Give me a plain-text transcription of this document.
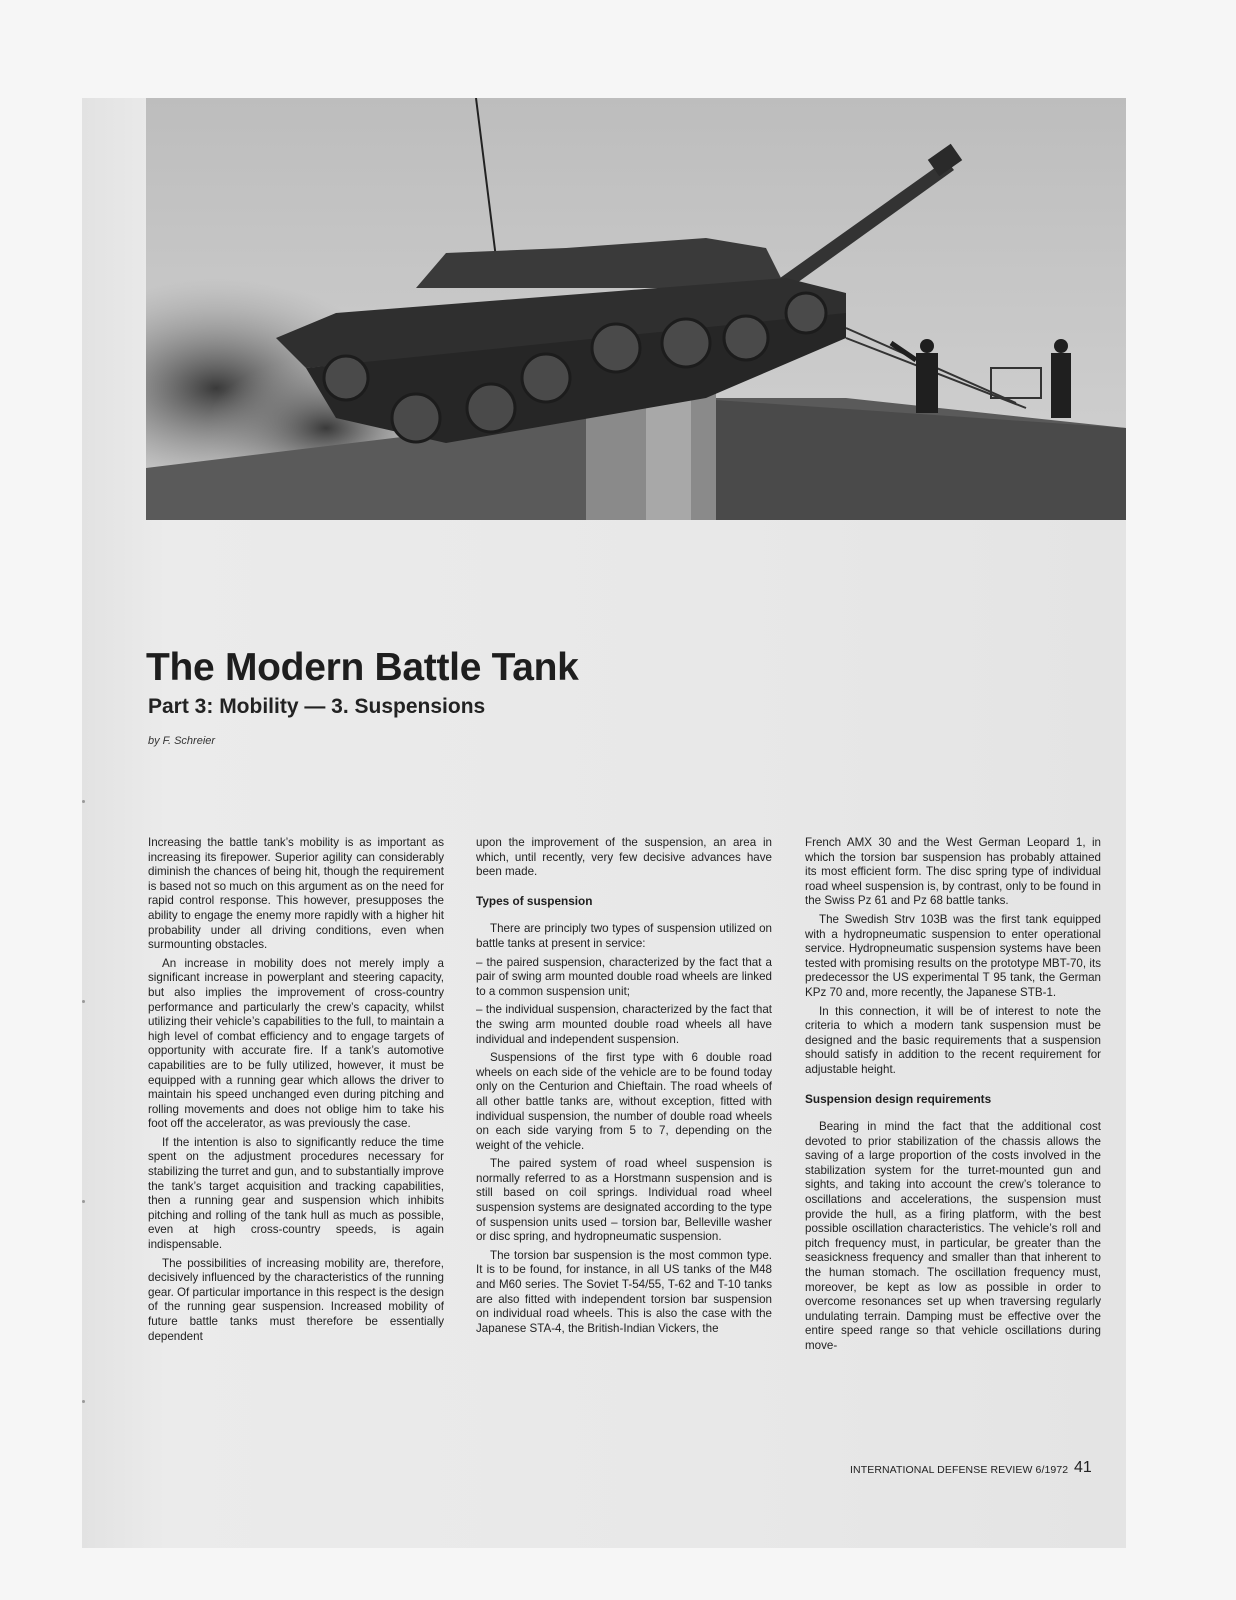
The Modern Battle Tank
Part 3: Mobility — 3. Suspensions
by F. Schreier

Increasing the battle tank’s mobility is as important as increasing its firepower. Superior agility can considerably diminish the chances of being hit, though the requirement is based not so much on this argument as on the need for rapid control response. This however, presupposes the ability to engage the enemy more rapidly with a higher hit probability under all driving conditions, even when surmounting obstacles.

An increase in mobility does not merely imply a significant increase in powerplant and steering capacity, but also implies the improvement of cross-country performance and particularly the crew’s capacity, whilst utilizing their vehicle’s capabilities to the full, to maintain a high level of combat efficiency and to engage targets of opportunity with accurate fire. If a tank’s automotive capabilities are to be fully utilized, however, it must be equipped with a running gear which allows the driver to maintain his speed unchanged even during pitching and rolling movements and does not oblige him to take his foot off the accelerator, as was previously the case.

If the intention is also to significantly reduce the time spent on the adjustment procedures necessary for stabilizing the turret and gun, and to substantially improve the tank’s target acquisition and tracking capabilities, then a running gear and suspension which inhibits pitching and rolling of the tank hull as much as possible, even at high cross-country speeds, is again indispensable.

The possibilities of increasing mobility are, therefore, decisively influenced by the characteristics of the running gear. Of particular importance in this respect is the design of the running gear suspension. Increased mobility of future battle tanks must therefore be essentially dependent

upon the improvement of the suspension, an area in which, until recently, very few decisive advances have been made.

Types of suspension

There are principly two types of suspension utilized on battle tanks at present in service:

– the paired suspension, characterized by the fact that a pair of swing arm mounted double road wheels are linked to a common suspension unit;

– the individual suspension, characterized by the fact that the swing arm mounted double road wheels all have individual and independent suspension.

Suspensions of the first type with 6 double road wheels on each side of the vehicle are to be found today only on the Centurion and Chieftain. The road wheels of all other battle tanks are, without exception, fitted with individual suspension, the number of double road wheels on each side varying from 5 to 7, depending on the weight of the vehicle.

The paired system of road wheel suspension is normally referred to as a Horstmann suspension and is still based on coil springs. Individual road wheel suspension systems are designated according to the type of suspension units used – torsion bar, Belleville washer or disc spring, and hydropneumatic suspension.

The torsion bar suspension is the most common type. It is to be found, for instance, in all US tanks of the M48 and M60 series. The Soviet T-54/55, T-62 and T-10 tanks are also fitted with independent torsion bar suspension on individual road wheels. This is also the case with the Japanese STA-4, the British-Indian Vickers, the

French AMX 30 and the West German Leopard 1, in which the torsion bar suspension has probably attained its most efficient form. The disc spring type of individual road wheel suspension is, by contrast, only to be found in the Swiss Pz 61 and Pz 68 battle tanks.

The Swedish Strv 103B was the first tank equipped with a hydropneumatic suspension to enter operational service. Hydropneumatic suspension systems have been tested with promising results on the prototype MBT-70, its predecessor the US experimental T 95 tank, the German KPz 70 and, more recently, the Japanese STB-1.

In this connection, it will be of interest to note the criteria to which a modern tank suspension must be designed and the basic requirements that a suspension should satisfy in addition to the recent requirement for adjustable height.

Suspension design requirements

Bearing in mind the fact that the additional cost devoted to prior stabilization of the chassis allows the saving of a large proportion of the costs involved in the stabilization system for the turret-mounted gun and sights, and taking into account the crew’s tolerance to oscillations and accelerations, the suspension must provide the hull, as a firing platform, with the best possible oscillation characteristics. The vehicle’s roll and pitch frequency must, in particular, be greater than the seasickness frequency and smaller than that inherent to the human stomach. The oscillation frequency must, moreover, be kept as low as possible in order to overcome resonances set up when traversing regularly undulating terrain. Damping must be effective over the entire speed range so that vehicle oscillations during move-

INTERNATIONAL DEFENSE REVIEW 6/1972 41
